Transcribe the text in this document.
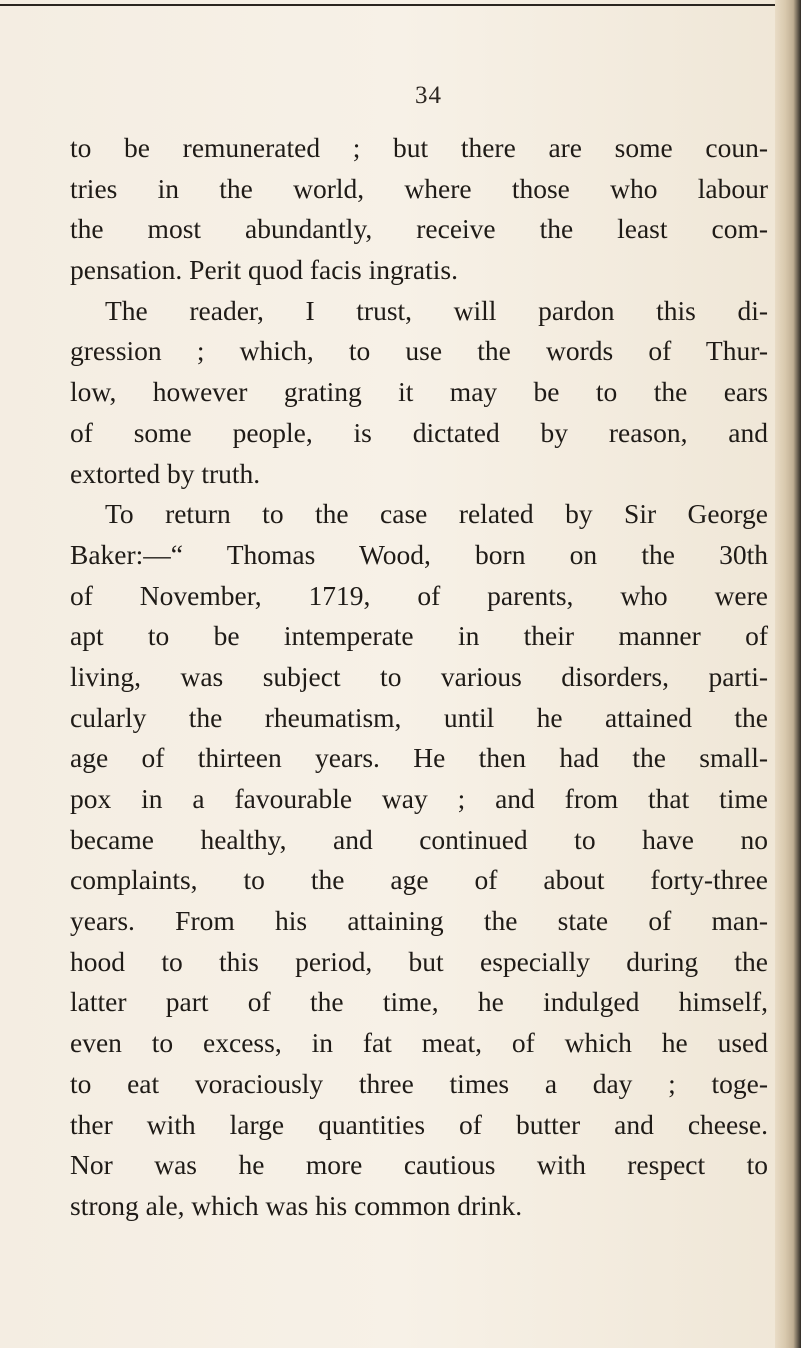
34
to be remunerated ; but there are some coun-
tries in the world, where those who labour
the most abundantly, receive the least com-
pensation. Perit quod facis ingratis.
The reader, I trust, will pardon this di-
gression ; which, to use the words of Thur-
low, however grating it may be to the ears
of some people, is dictated by reason, and
extorted by truth.
To return to the case related by Sir George
Baker:—“ Thomas Wood, born on the 30th
of November, 1719, of parents, who were
apt to be intemperate in their manner of
living, was subject to various disorders, parti-
cularly the rheumatism, until he attained the
age of thirteen years. He then had the small-
pox in a favourable way ; and from that time
became healthy, and continued to have no
complaints, to the age of about forty-three
years. From his attaining the state of man-
hood to this period, but especially during the
latter part of the time, he indulged himself,
even to excess, in fat meat, of which he used
to eat voraciously three times a day ; toge-
ther with large quantities of butter and cheese.
Nor was he more cautious with respect to
strong ale, which was his common drink.
